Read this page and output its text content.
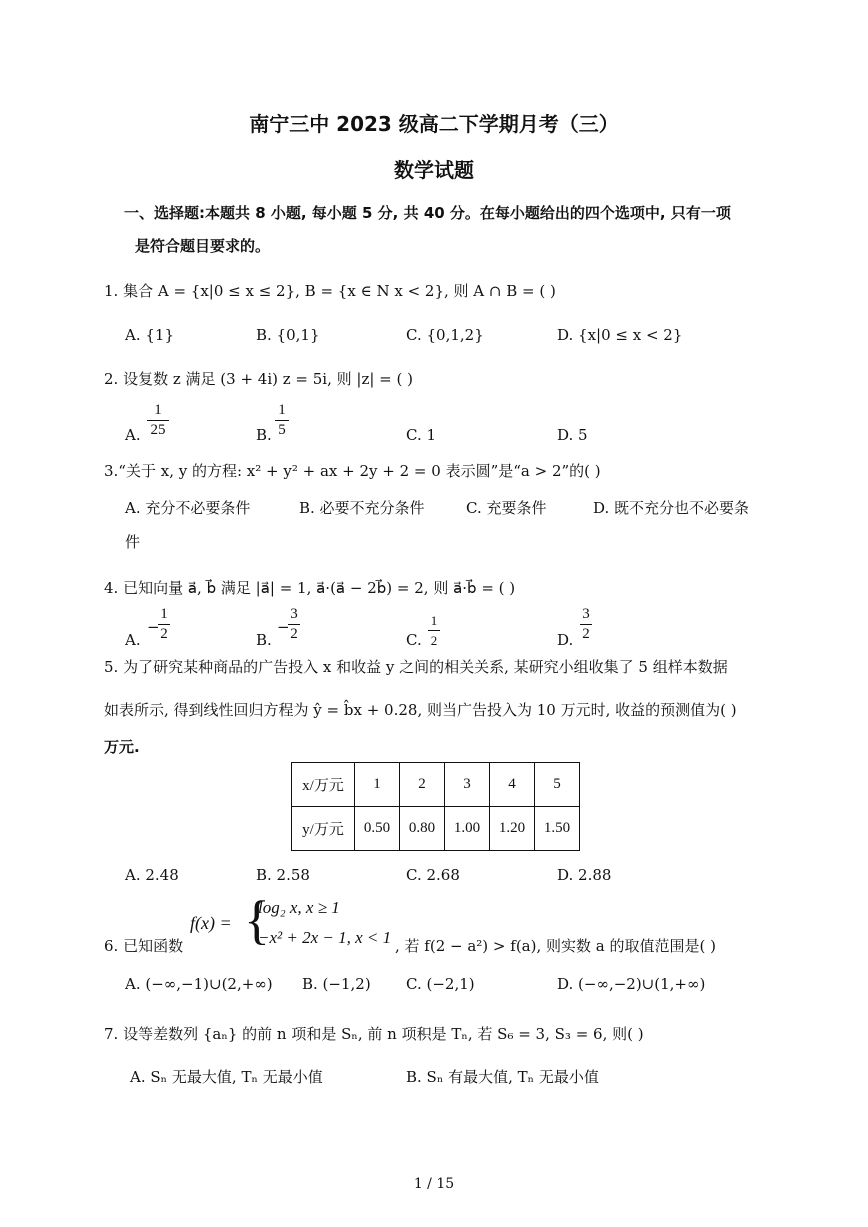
南宁三中 2023 级高二下学期月考（三）
数学试题
一、选择题:本题共 8 小题, 每小题 5 分, 共 40 分。在每小题给出的四个选项中, 只有一项
是符合题目要求的。
1. 集合 A = {x|0 ≤ x ≤ 2}, B = {x ∈ N x < 2}, 则 A ∩ B = ( )
A. {1}	B. {0,1}	C. {0,1,2}	D. {x|0 ≤ x < 2}
2. 设复数 z 满足 (3 + 4i) z = 5i, 则 |z| = ( )
A.
1
25	B.
1
5	C. 1	D. 5
3.“关于 x, y 的方程: x² + y² + ax + 2y + 2 = 0 表示圆”是“a > 2”的( )
A. 充分不必要条件	B. 必要不充分条件	C. 充要条件	D. 既不充分也不必要条
件
4. 已知向量 a⃗, b⃗ 满足 |a⃗| = 1, a⃗·(a⃗ − 2b⃗) = 2, 则 a⃗·b⃗ = ( )
A.
−
1
2	B.
−
3
2	C.
1
2	D.
3
2
5. 为了研究某种商品的广告投入 x 和收益 y 之间的相关关系, 某研究小组收集了 5 组样本数据
如表所示, 得到线性回归方程为 ŷ = b̂x + 0.28, 则当广告投入为 10 万元时, 收益的预测值为( )
万元.
x/万元	1	2	3	4	5
y/万元	0.50	0.80	1.00	1.20	1.50
A. 2.48	B. 2.58	C. 2.68	D. 2.88
6. 已知函数
f(x) = {
log₂ x, x ≥ 1
−x² + 2x − 1, x < 1 , 若 f(2 − a²) > f(a), 则实数 a 的取值范围是( )
A. (−∞,−1)∪(2,+∞) B. (−1,2) C. (−2,1)	D. (−∞,−2)∪(1,+∞)
7. 设等差数列 {aₙ} 的前 n 项和是 Sₙ, 前 n 项积是 Tₙ, 若 S₆ = 3, S₃ = 6, 则( )
A. Sₙ 无最大值, Tₙ 无最小值	B. Sₙ 有最大值, Tₙ 无最小值
1 / 15
